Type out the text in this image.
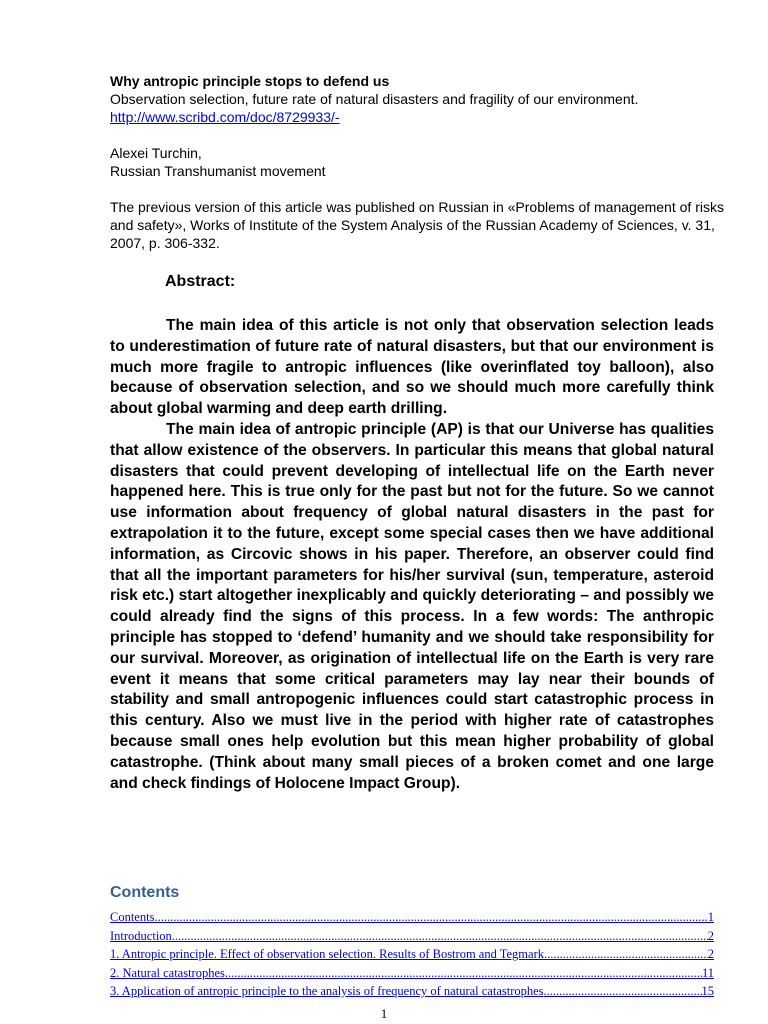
Why antropic principle stops to defend us
Observation selection, future rate of natural disasters and fragility of our environment.
http://www.scribd.com/doc/8729933/-
Alexei Turchin,
Russian Transhumanist movement
The previous version of this article was published on Russian in «Problems of management of risks and safety», Works of Institute of the System Analysis of the Russian Academy of Sciences, v. 31, 2007, p. 306-332.
Abstract:

The main idea of this article is not only that observation selection leads to underestimation of future rate of natural disasters, but that our environment is much more fragile to antropic influences (like overinflated toy balloon), also because of observation selection, and so we should much more carefully think about global warming and deep earth drilling.

The main idea of antropic principle (AP) is that our Universe has qualities that allow existence of the observers. In particular this means that global natural disasters that could prevent developing of intellectual life on the Earth never happened here. This is true only for the past but not for the future. So we cannot use information about frequency of global natural disasters in the past for extrapolation it to the future, except some special cases then we have additional information, as Circovic shows in his paper. Therefore, an observer could find that all the important parameters for his/her survival (sun, temperature, asteroid risk etc.) start altogether inexplicably and quickly deteriorating – and possibly we could already find the signs of this process. In a few words: The anthropic principle has stopped to ‘defend’ humanity and we should take responsibility for our survival. Moreover, as origination of intellectual life on the Earth is very rare event it means that some critical parameters may lay near their bounds of stability and small antropogenic influences could start catastrophic process in this century. Also we must live in the period with higher rate of catastrophes because small ones help evolution but this mean higher probability of global catastrophe. (Think about many small pieces of a broken comet and one large and check findings of Holocene Impact Group).

Contents
Contents .....	1
Introduction .....	2
1. Antropic principle. Effect of observation selection. Results of Bostrom and Tegmark .....	2
2. Natural catastrophes .....	11
3. Application of antropic principle to the analysis of frequency of natural catastrophes .....	15
1
